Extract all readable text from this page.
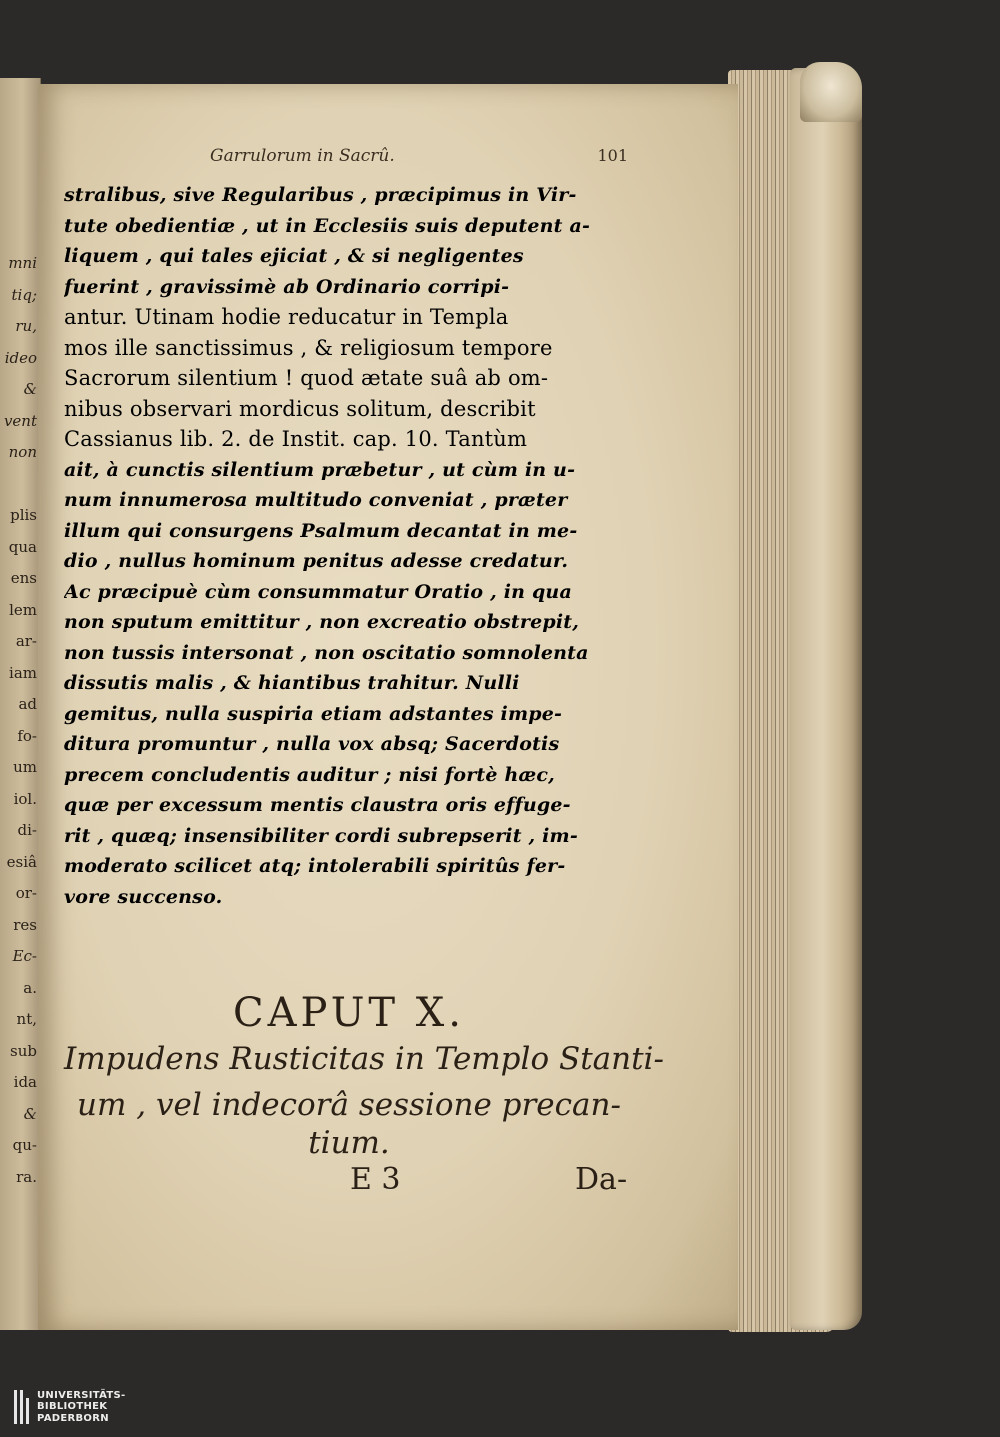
mni
tiq;
ru,
ideo
&
vent
non
plis
qua
ens
lem
ar-
iam
ad
fo-
um
iol.
di-
esiâ
or-
res
Ec-
a.
nt,
sub
ida
&
qu-
ra.
Garrulorum in Sacrû.	101
stralibus, sive Regularibus , præcipimus in Vir-
tute obedientiæ , ut in Ecclesiis suis deputent a-
liquem , qui tales ejiciat , & si negligentes
fuerint , gravissimè ab Ordinario corripi-
antur. Utinam hodie reducatur in Templa
mos ille sanctissimus , & religiosum tempore
Sacrorum silentium ! quod ætate suâ ab om-
nibus observari mordicus solitum, describit
Cassianus lib. 2. de Instit. cap. 10. Tantùm
ait, à cunctis silentium præbetur , ut cùm in u-
num innumerosa multitudo conveniat , præter
illum qui consurgens Psalmum decantat in me-
dio , nullus hominum penitus adesse credatur.
Ac præcipuè cùm consummatur Oratio , in qua
non sputum emittitur , non excreatio obstrepit,
non tussis intersonat , non oscitatio somnolenta
dissutis malis , & hiantibus trahitur. Nulli
gemitus, nulla suspiria etiam adstantes impe-
ditura promuntur , nulla vox absq; Sacerdotis
precem concludentis auditur ; nisi fortè hæc,
quæ per excessum mentis claustra oris effuge-
rit , quæq; insensibiliter cordi subrepserit , im-
moderato scilicet atq; intolerabili spiritûs fer-
vore succenso.
CAPUT X.
Impudens Rusticitas in Templo Stanti-
um , vel indecorâ sessione precan-
tium.
E 3	Da-
UNIVERSITÄTS-
BIBLIOTHEK
PADERBORN
